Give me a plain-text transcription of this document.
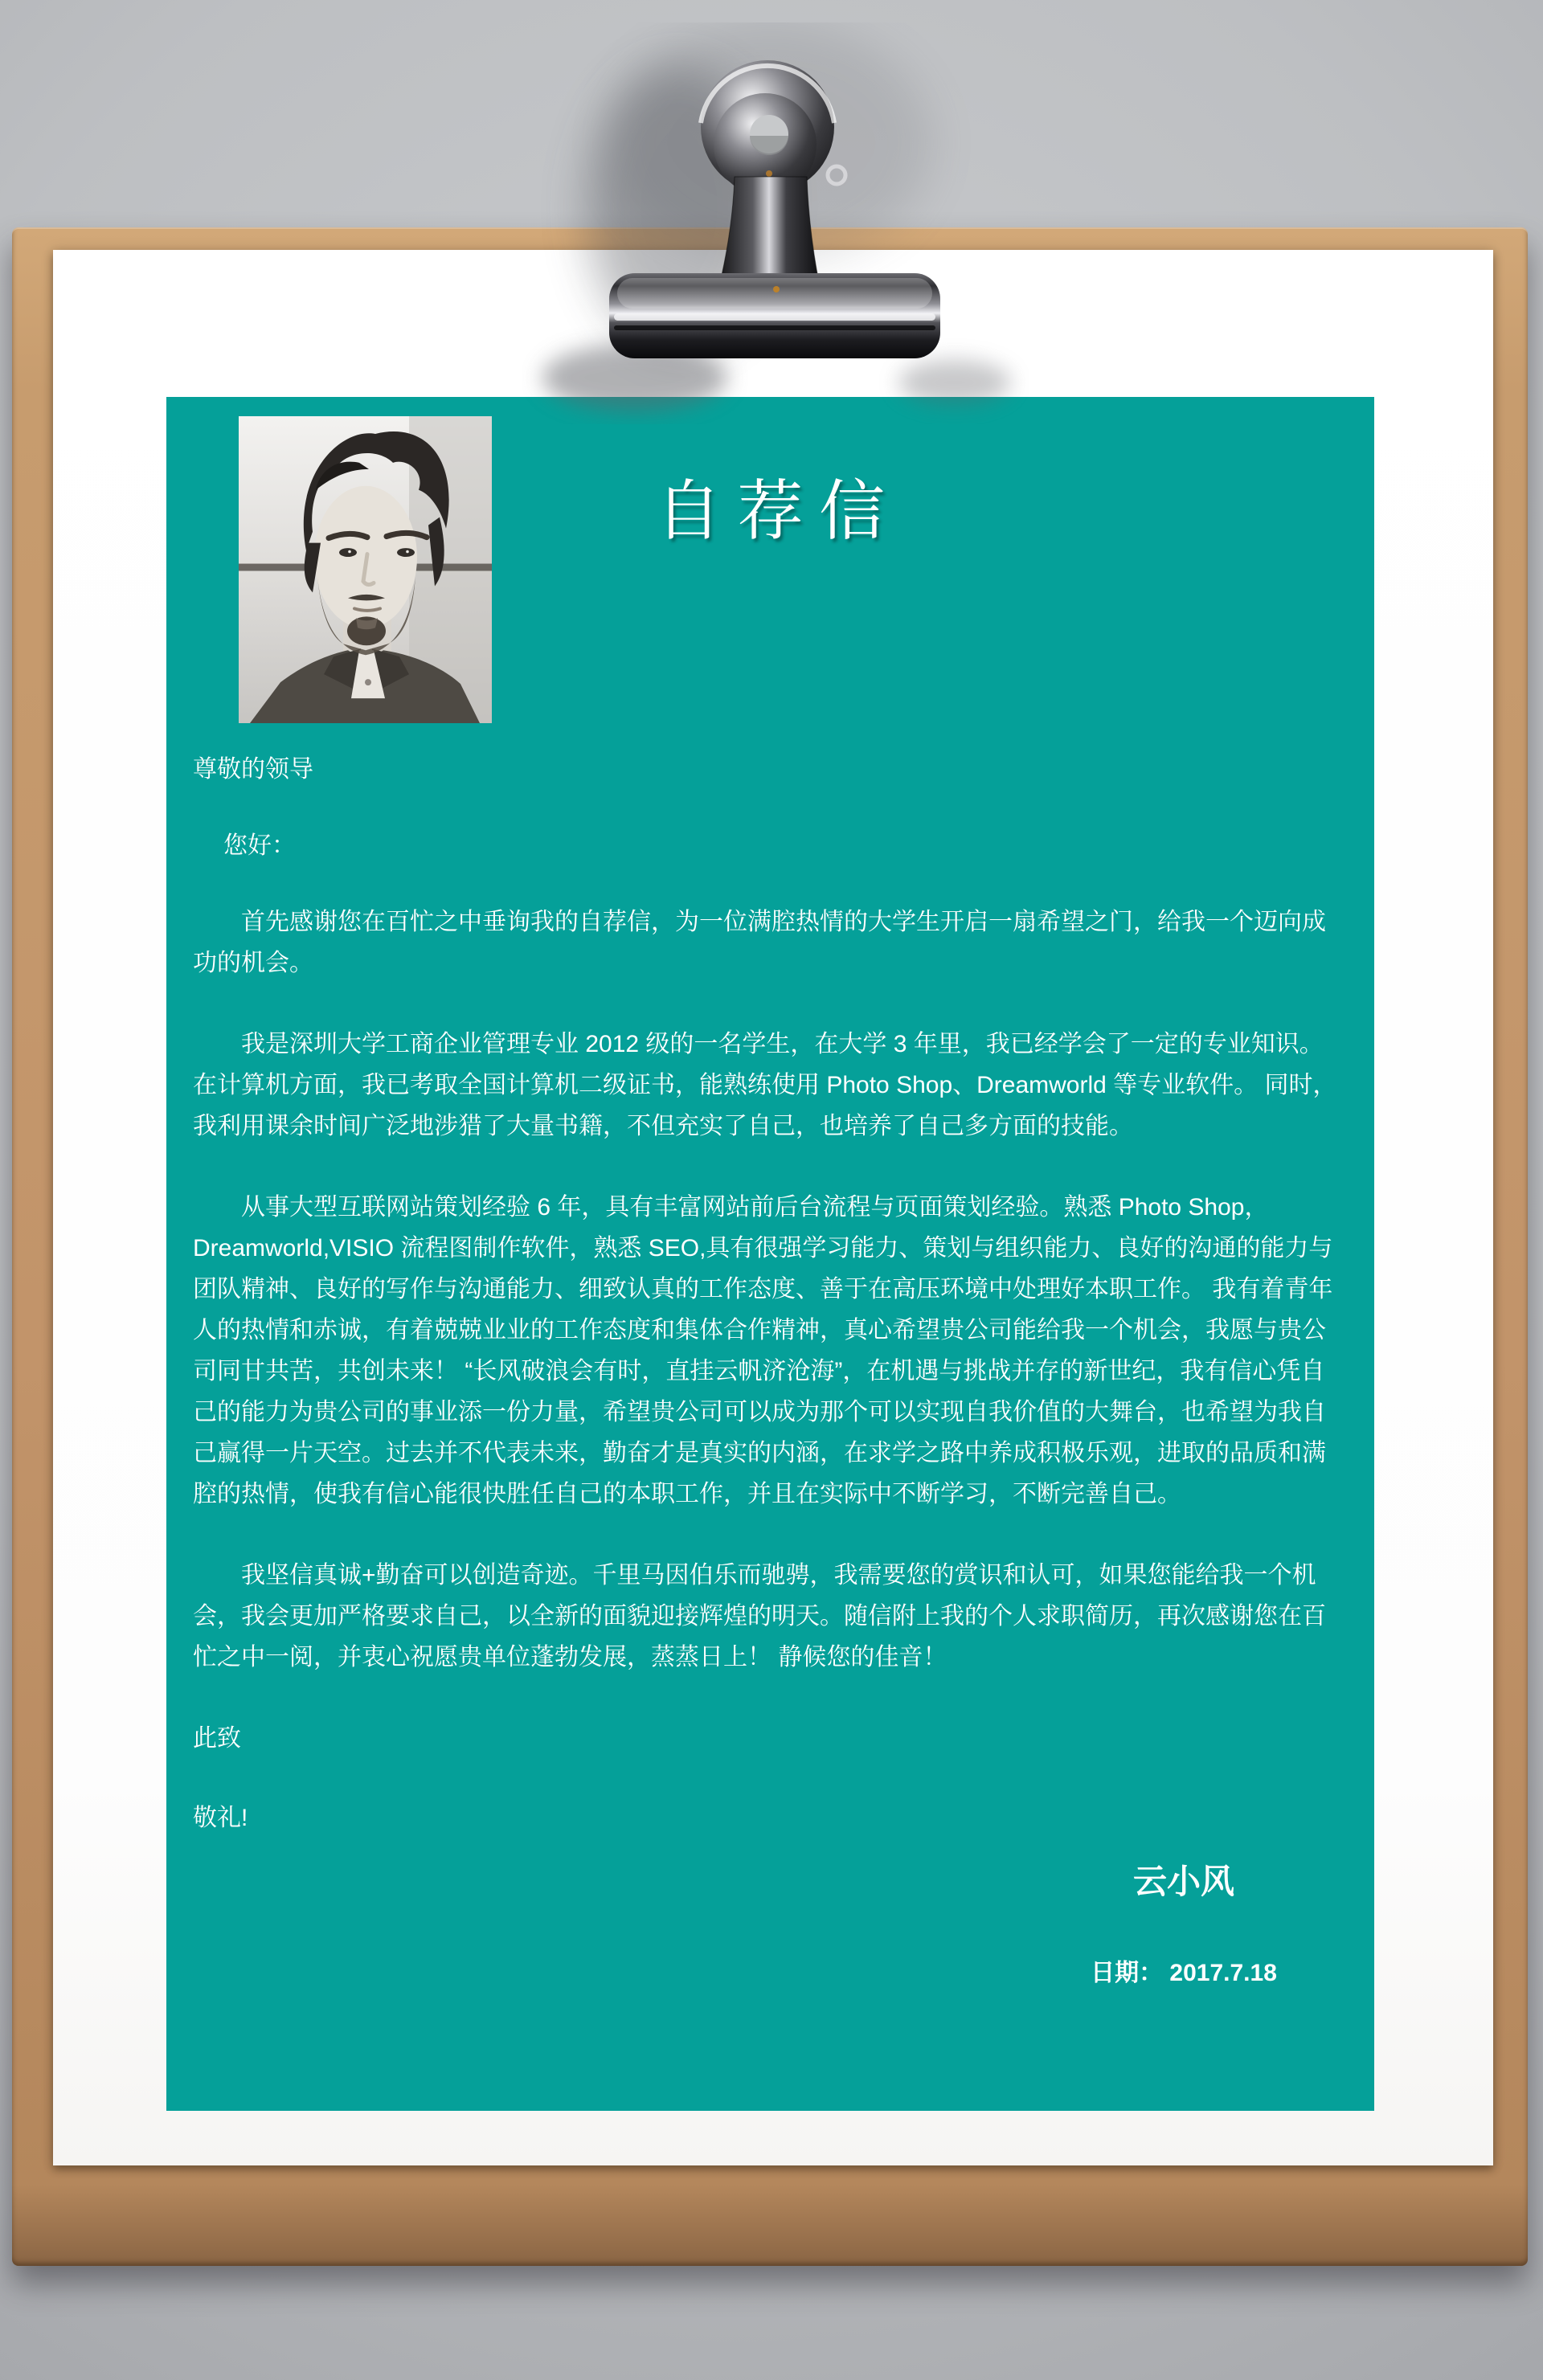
自荐信

尊敬的领导

您好：

首先感谢您在百忙之中垂询我的自荐信，为一位满腔热情的大学生开启一扇希望之门，给我一个迈向成功的机会。

我是深圳大学工商企业管理专业 2012 级的一名学生，在大学 3 年里，我已经学会了一定的专业知识。在计算机方面，我已考取全国计算机二级证书，能熟练使用 Photo Shop、Dreamworld 等专业软件。 同时，我利用课余时间广泛地涉猎了大量书籍，不但充实了自己，也培养了自己多方面的技能。

从事大型互联网站策划经验 6 年，具有丰富网站前后台流程与页面策划经验。熟悉 Photo Shop，Dreamworld,VISIO 流程图制作软件，熟悉 SEO,具有很强学习能力、策划与组织能力、良好的沟通的能力与团队精神、良好的写作与沟通能力、细致认真的工作态度、善于在高压环境中处理好本职工作。 我有着青年人的热情和赤诚，有着兢兢业业的工作态度和集体合作精神，真心希望贵公司能给我一个机会，我愿与贵公司同甘共苦，共创未来！ “长风破浪会有时，直挂云帆济沧海”，在机遇与挑战并存的新世纪，我有信心凭自己的能力为贵公司的事业添一份力量，希望贵公司可以成为那个可以实现自我价值的大舞台，也希望为我自己赢得一片天空。过去并不代表未来，勤奋才是真实的内涵，在求学之路中养成积极乐观，进取的品质和满腔的热情，使我有信心能很快胜任自己的本职工作，并且在实际中不断学习，不断完善自己。

我坚信真诚+勤奋可以创造奇迹。千里马因伯乐而驰骋，我需要您的赏识和认可，如果您能给我一个机会，我会更加严格要求自己，以全新的面貌迎接辉煌的明天。随信附上我的个人求职简历，再次感谢您在百忙之中一阅，并衷心祝愿贵单位蓬勃发展，蒸蒸日上！ 静候您的佳音！

此致

敬礼!

云小风
日期： 2017.7.18
